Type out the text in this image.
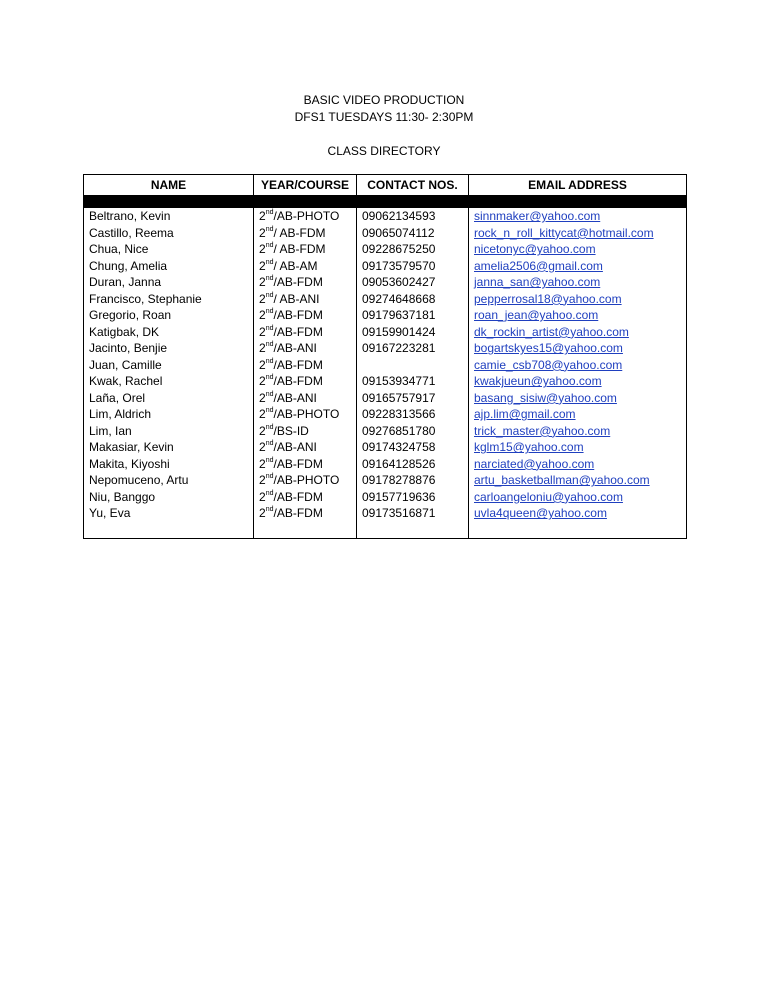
BASIC VIDEO PRODUCTION
DFS1 TUESDAYS 11:30- 2:30PM
CLASS DIRECTORY
NAME	YEAR/COURSE	CONTACT NOS.	EMAIL ADDRESS

Beltrano, Kevin	2nd/AB-PHOTO	09062134593	sinnmaker@yahoo.com
Castillo, Reema	2nd/ AB-FDM	09065074112	rock_n_roll_kittycat@hotmail.com
Chua, Nice	2nd/ AB-FDM	09228675250	nicetonyc@yahoo.com
Chung, Amelia	2nd/ AB-AM	09173579570	amelia2506@gmail.com
Duran, Janna	2nd/AB-FDM	09053602427	janna_san@yahoo.com
Francisco, Stephanie	2nd/ AB-ANI	09274648668	pepperrosal18@yahoo.com
Gregorio, Roan	2nd/AB-FDM	09179637181	roan_jean@yahoo.com
Katigbak, DK	2nd/AB-FDM	09159901424	dk_rockin_artist@yahoo.com
Jacinto, Benjie	2nd/AB-ANI	09167223281	bogartskyes15@yahoo.com
Juan, Camille	2nd/AB-FDM		camie_csb708@yahoo.com
Kwak, Rachel	2nd/AB-FDM	09153934771	kwakjueun@yahoo.com
Laña, Orel	2nd/AB-ANI	09165757917	basang_sisiw@yahoo.com
Lim, Aldrich	2nd/AB-PHOTO	09228313566	ajp.lim@gmail.com
Lim, Ian	2nd/BS-ID	09276851780	trick_master@yahoo.com
Makasiar, Kevin	2nd/AB-ANI	09174324758	kglm15@yahoo.com
Makita, Kiyoshi	2nd/AB-FDM	09164128526	narciated@yahoo.com
Nepomuceno, Artu	2nd/AB-PHOTO	09178278876	artu_basketballman@yahoo.com
Niu, Banggo	2nd/AB-FDM	09157719636	carloangeloniu@yahoo.com
Yu, Eva	2nd/AB-FDM	09173516871	uvla4queen@yahoo.com
